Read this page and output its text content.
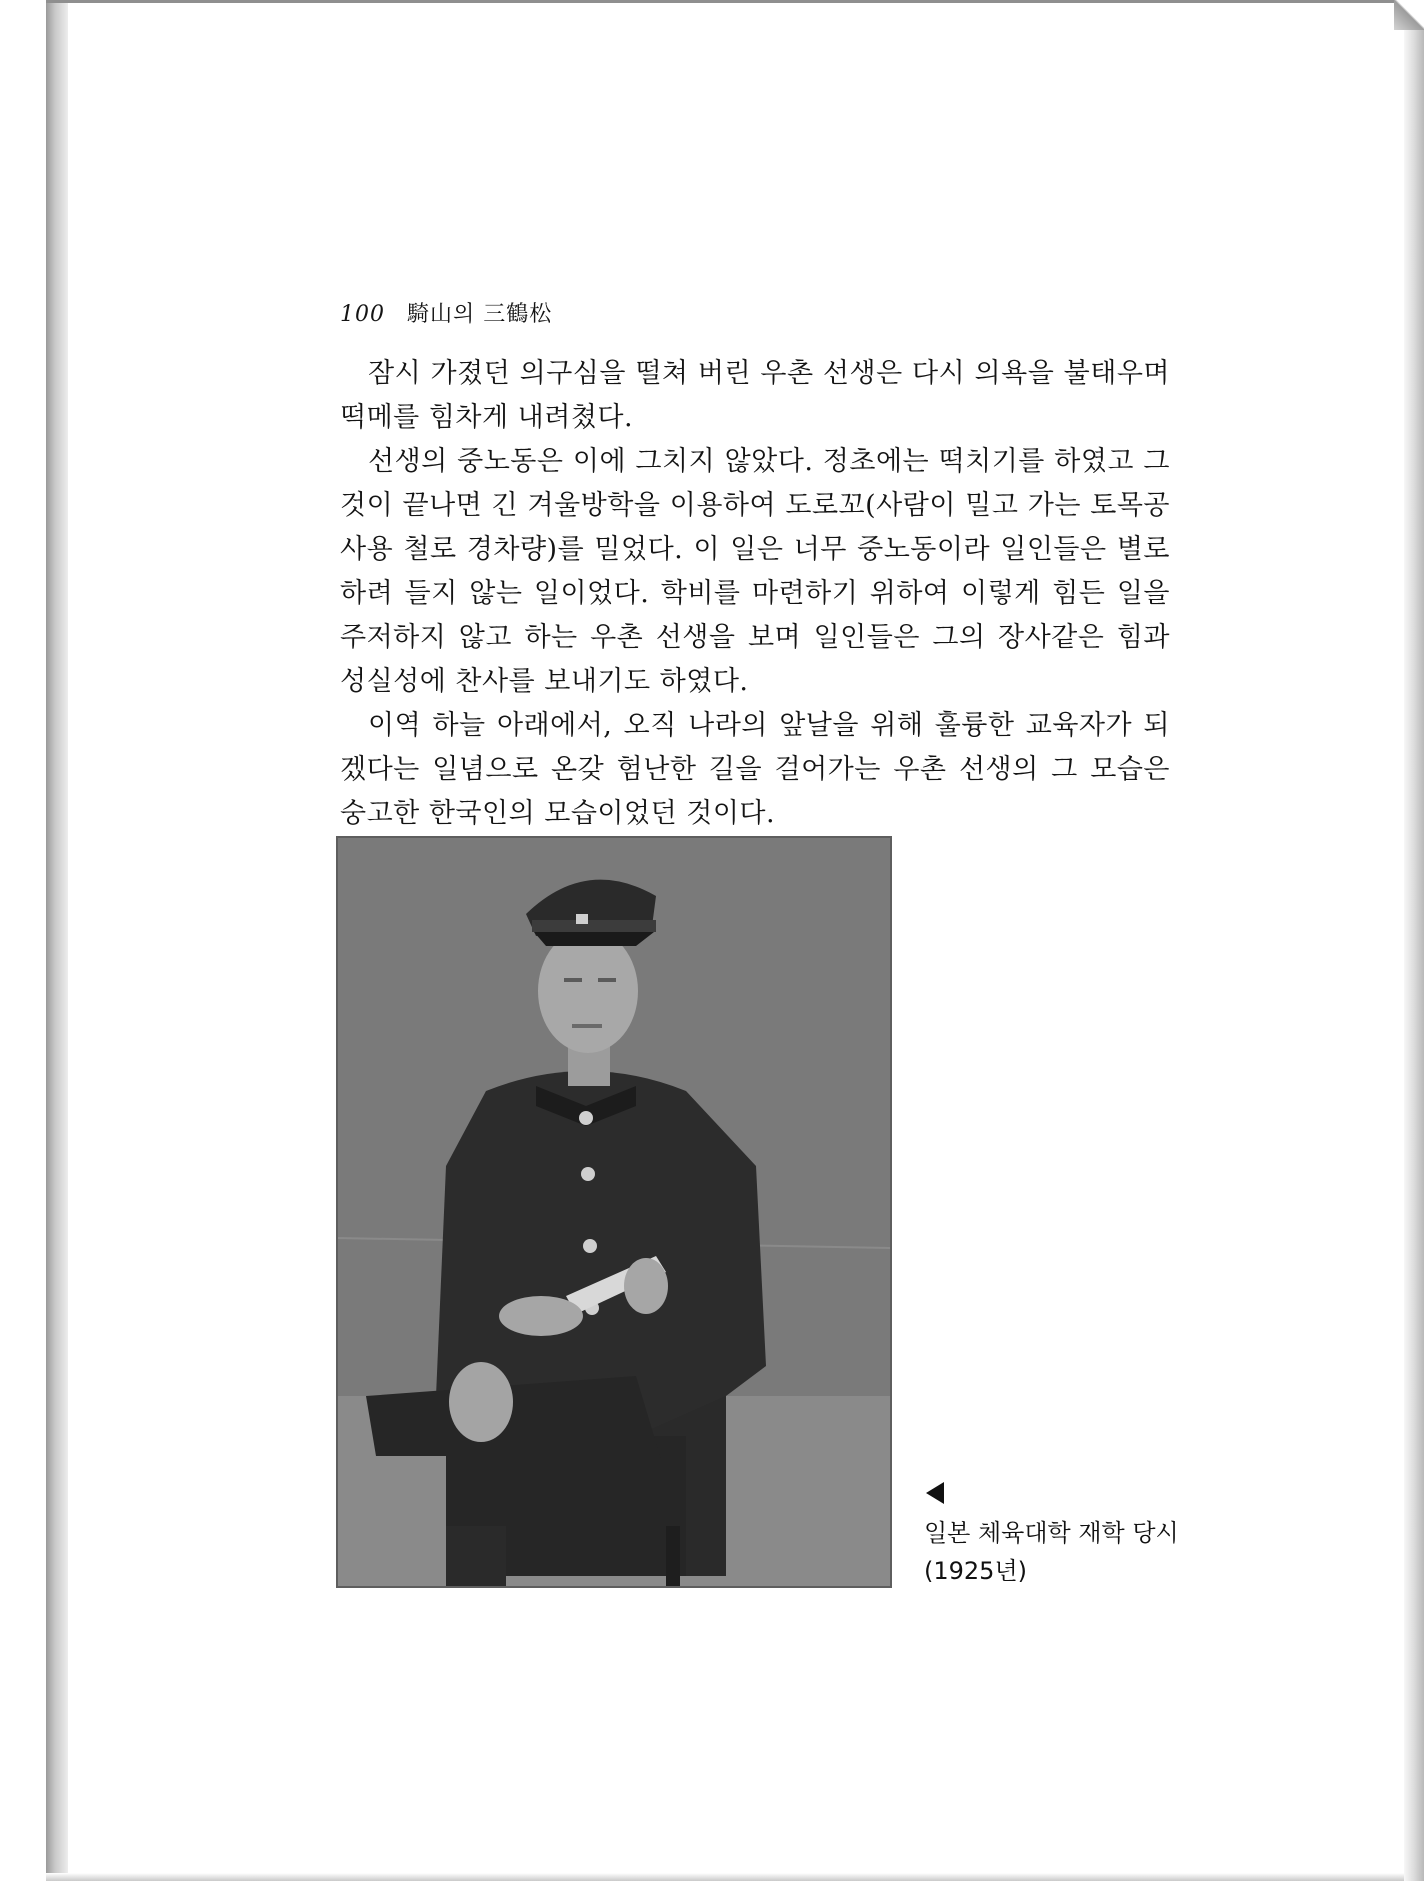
100 騎山의 三鶴松
잠시 가졌던 의구심을 떨쳐 버린 우촌 선생은 다시 의욕을 불태우며
떡메를 힘차게 내려쳤다.
선생의 중노동은 이에 그치지 않았다. 정초에는 떡치기를 하였고 그
것이 끝나면 긴 겨울방학을 이용하여 도로꼬(사람이 밀고 가는 토목공
사용 철로 경차량)를 밀었다. 이 일은 너무 중노동이라 일인들은 별로
하려 들지 않는 일이었다. 학비를 마련하기 위하여 이렇게 힘든 일을
주저하지 않고 하는 우촌 선생을 보며 일인들은 그의 장사같은 힘과
성실성에 찬사를 보내기도 하였다.
이역 하늘 아래에서, 오직 나라의 앞날을 위해 훌륭한 교육자가 되
겠다는 일념으로 온갖 험난한 길을 걸어가는 우촌 선생의 그 모습은
숭고한 한국인의 모습이었던 것이다.
일본 체육대학 재학 당시
(1925년)
